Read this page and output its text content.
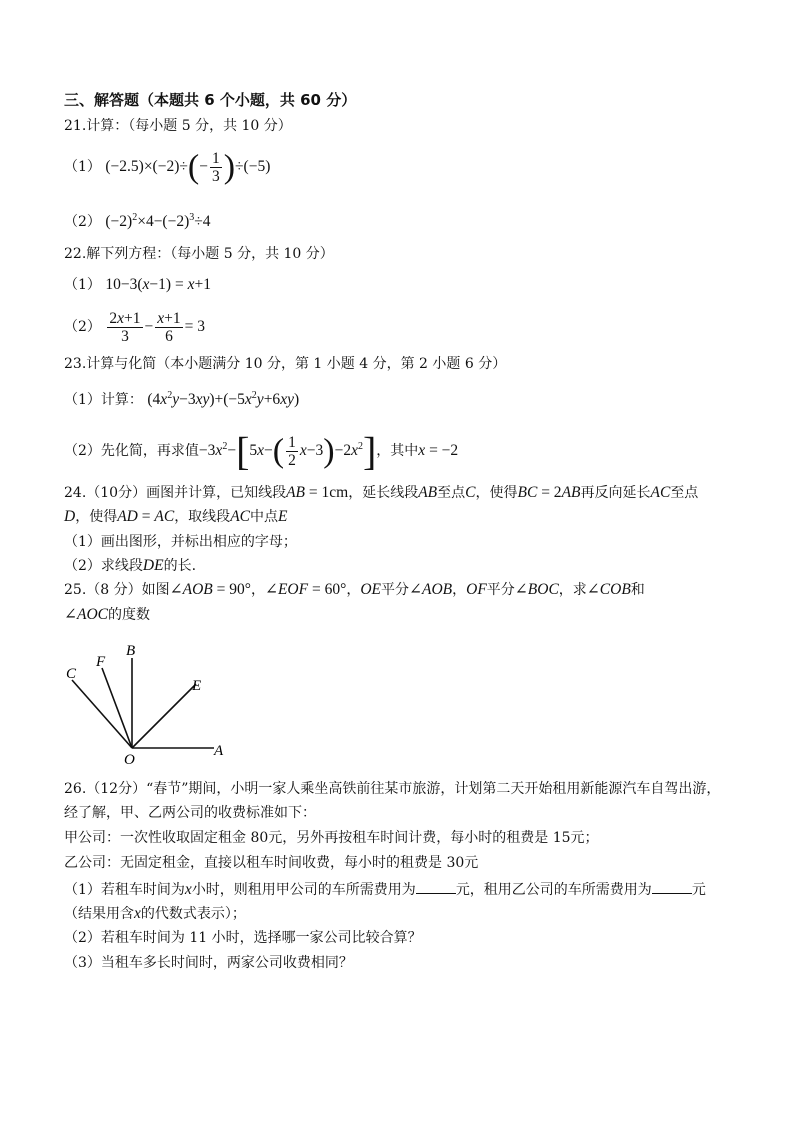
三、解答题（本题共 6 个小题，共 60 分）
21.计算：（每小题 5 分，共 10 分）
（1） $(-2.5)\times(-2)\div(- \frac{1}{3} )\div(-5)$
（2） $(-2)^2\times 4-(-2)^3\div 4$
22.解下列方程：（每小题 5 分，共 10 分）
（1） 10−3(x−1) = x+1
$(2) \frac{2x+1}{3} - \frac{x+1}{6} = 3$
23.计算与化简（本小题满分 10 分，第 1 小题 4 分，第 2 小题 6 分）
（1）计算： $(4x^2y-3xy)+(-5x^2y+6xy)$
（2）先化简，再求值$-3x^2-[5x-( \frac{1}{2} x-3)-2x^2]$，其中x = −2
24.（10分）画图并计算，已知线段AB = 1cm，延长线段AB至点C，使得BC = 2AB再反向延长AC至点
D，使得AD = AC，取线段AC中点E
（1）画出图形，并标出相应的字母；
（2）求线段DE的长.
25.（8 分）如图∠AOB = 90°，∠EOF = 60°，OE平分∠AOB，OF平分∠BOC，求∠COB和
∠AOC的度数
C
F
B
E
O
A
26.（12分）“春节”期间，小明一家人乘坐高铁前往某市旅游，计划第二天开始租用新能源汽车自驾出游，经了解，甲、乙两公司的收费标准如下：
甲公司：一次性收取固定租金 80元，另外再按租车时间计费，每小时的租费是 15元；
乙公司：无固定租金，直接以租车时间收费，每小时的租费是 30元
（1）若租车时间为x小时，则租用甲公司的车所需费用为	元，租用乙公司的车所需费用为	元（结果用含x的代数式表示）；
（2）若租车时间为 11 小时，选择哪一家公司比较合算？
（3）当租车多长时间时，两家公司收费相同？
